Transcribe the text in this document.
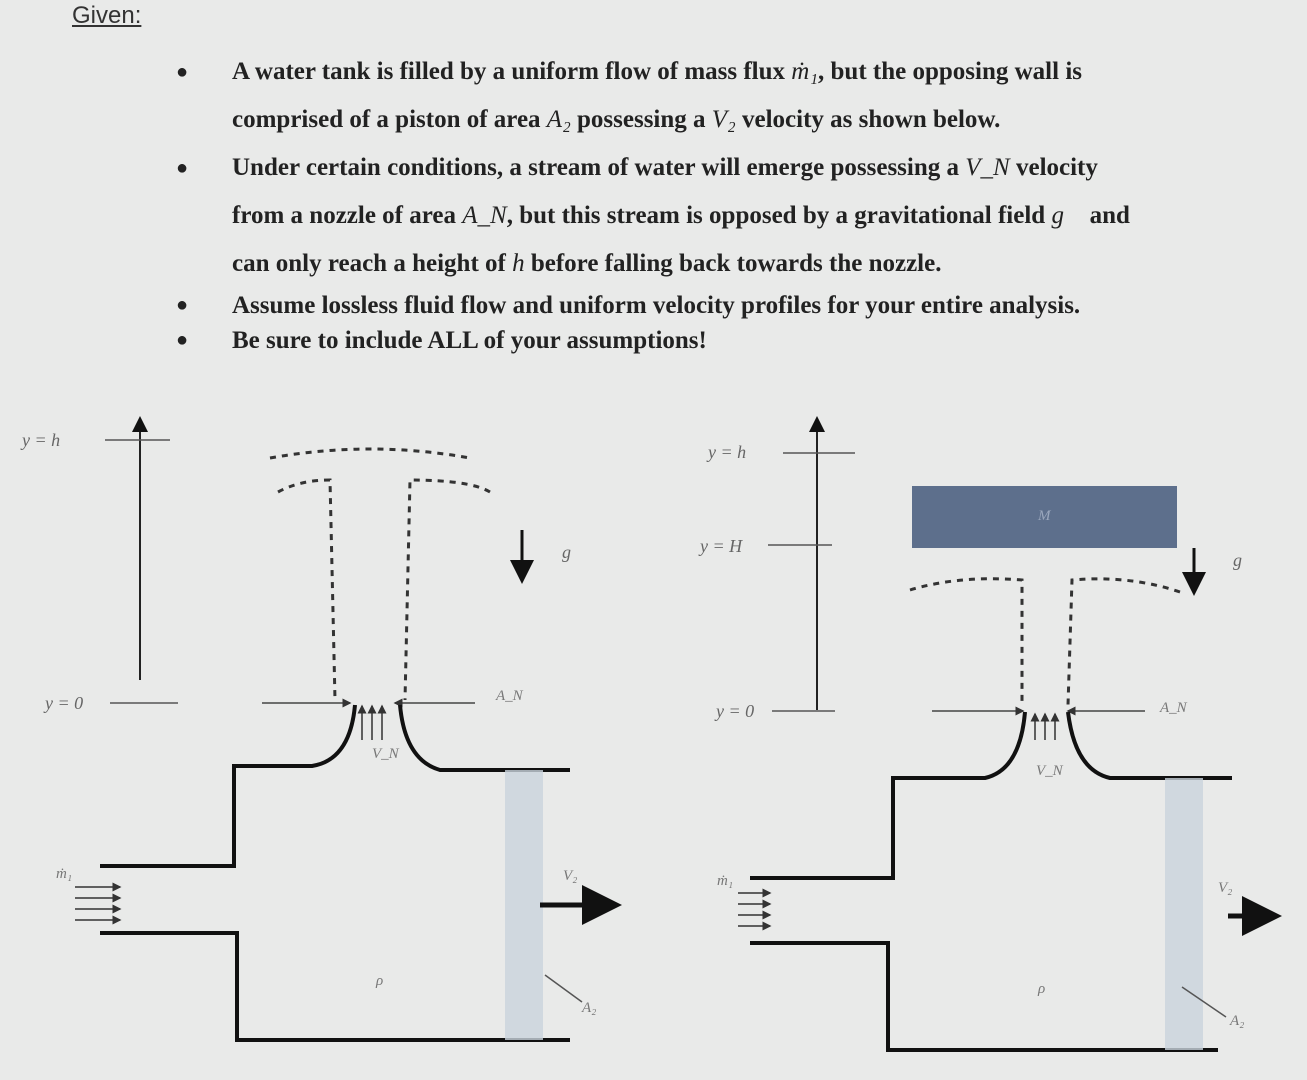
Given:
● A water tank is filled by a uniform flow of mass flux ṁ₁, but the opposing wall is
comprised of a piston of area A₂ possessing a V₂ velocity as shown below.
● Under certain conditions, a stream of water will emerge possessing a V_N velocity
from a nozzle of area A_N, but this stream is opposed by a gravitational field g⃗ and
can only reach a height of h before falling back towards the nozzle.
● Assume lossless fluid flow and uniform velocity profiles for your entire analysis.
● Be sure to include ALL of your assumptions!
y = h
y = 0
g⃗
A_N
V_N
V₂
A₂
ṁ₁
ρ
y = h
y = H
y = 0
M
g⃗
A_N
V_N
V₂
A₂
ṁ₁
ρ
